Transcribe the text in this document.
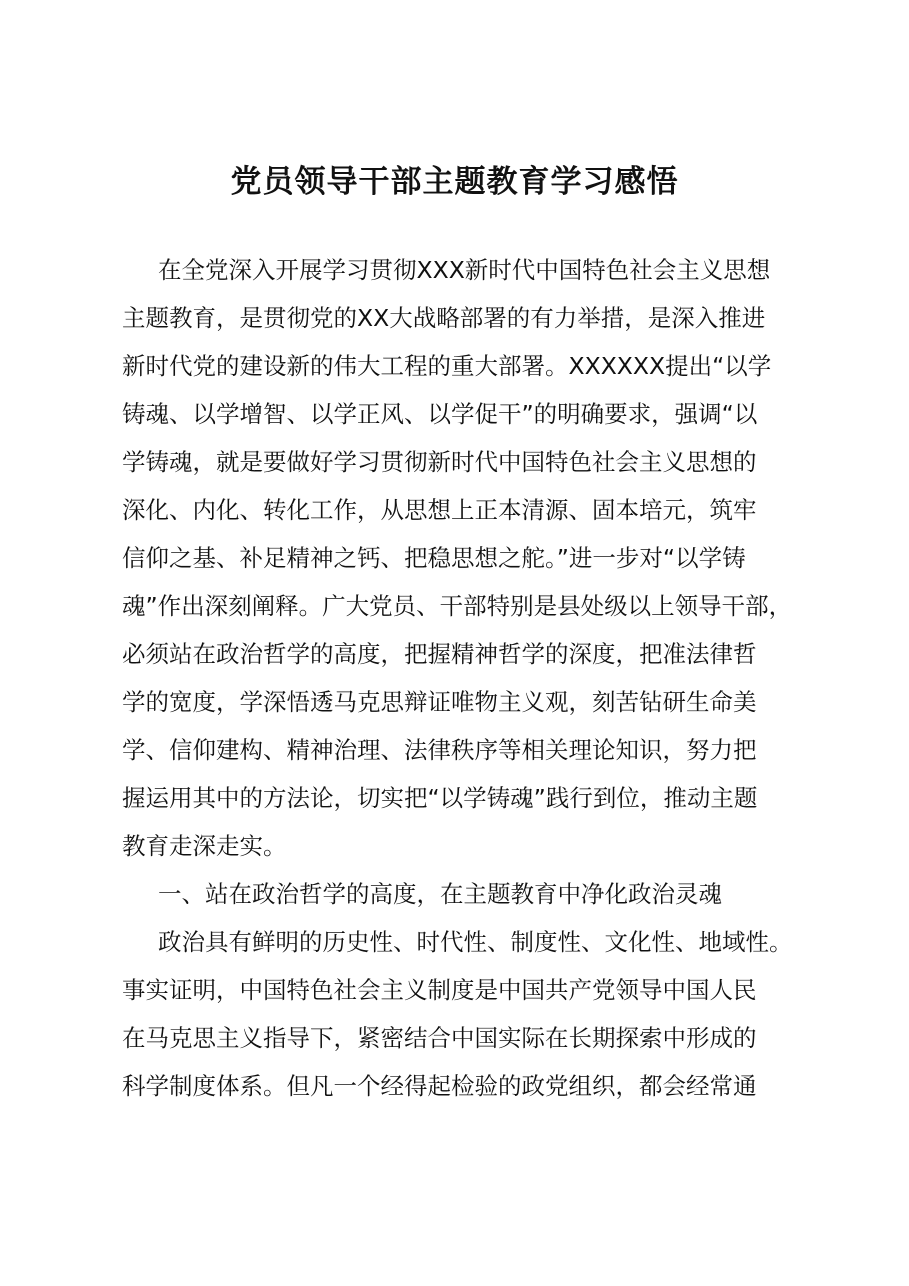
党员领导干部主题教育学习感悟

在全党深入开展学习贯彻XXX新时代中国特色社会主义思想

主题教育，是贯彻党的XX大战略部署的有力举措，是深入推进

新时代党的建设新的伟大工程的重大部署。XXXXXX提出“以学

铸魂、以学增智、以学正风、以学促干”的明确要求，强调“以

学铸魂，就是要做好学习贯彻新时代中国特色社会主义思想的

深化、内化、转化工作，从思想上正本清源、固本培元，筑牢

信仰之基、补足精神之钙、把稳思想之舵。”进一步对“以学铸

魂”作出深刻阐释。广大党员、干部特别是县处级以上领导干部，

必须站在政治哲学的高度，把握精神哲学的深度，把准法律哲

学的宽度，学深悟透马克思辩证唯物主义观，刻苦钻研生命美

学、信仰建构、精神治理、法律秩序等相关理论知识，努力把

握运用其中的方法论，切实把“以学铸魂”践行到位，推动主题

教育走深走实。

一、站在政治哲学的高度，在主题教育中净化政治灵魂

政治具有鲜明的历史性、时代性、制度性、文化性、地域性。

事实证明，中国特色社会主义制度是中国共产党领导中国人民

在马克思主义指导下，紧密结合中国实际在长期探索中形成的

科学制度体系。但凡一个经得起检验的政党组织，都会经常通
